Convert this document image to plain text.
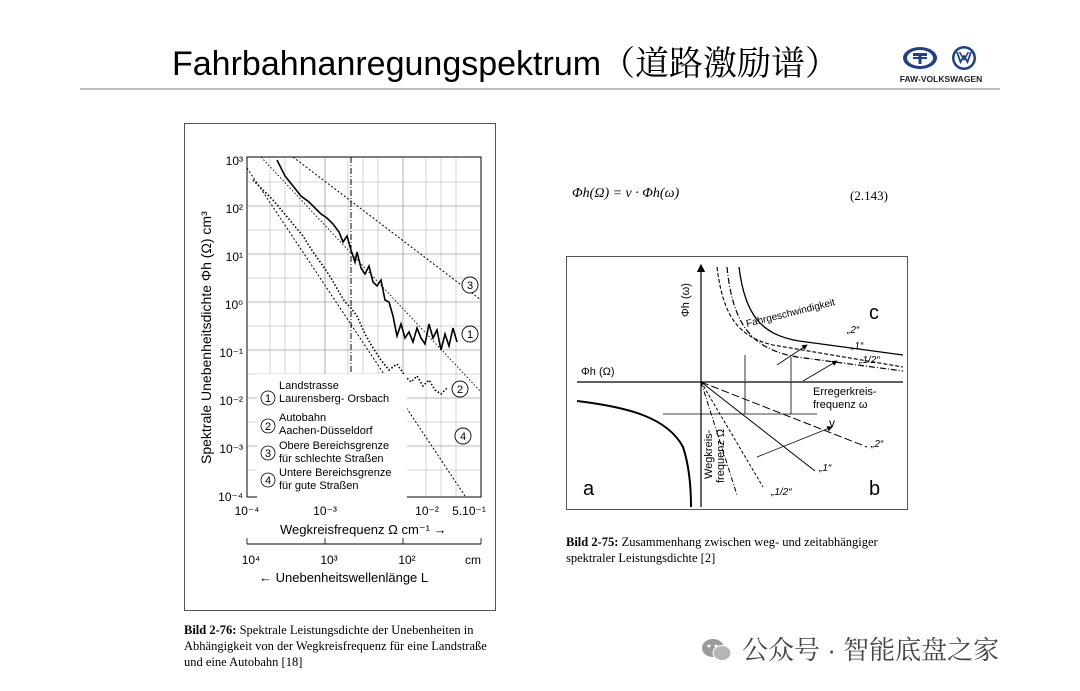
Fahrbahnanregungspektrum（道路激励谱）	FAW-VOLKSWAGEN
3
1
2
4
10³
10²
10¹
10⁰
10⁻¹
10⁻²
10⁻³
10⁻⁴
Spektrale Unebenheitsdichte Φh (Ω) cm³
10⁻⁴	10⁻³	10⁻² 5.10⁻¹
Wegkreisfrequenz Ω cm⁻¹ →
10⁴	10³	10²	cm
← Unebenheitswellenlänge L
1
Landstrasse
Laurensberg- Orsbach
2
Autobahn
Aachen-Düsseldorf
3
Obere Bereichsgrenze
für schlechte Straßen
4
Untere Bereichsgrenze
für gute Straßen
Bild 2-76: Spektrale Leistungsdichte der Unebenheiten in Abhängigkeit von der Wegkreisfrequenz für eine Landstraße und eine Autobahn [18]
Φh(Ω) = v · Φh(ω)	(2.143)
Φh (ω)
Φh (Ω)
Fahrgeschwindigkeit c
a	b
„2“
„1“
„1/2“
Erregerkreis-
frequenz ω
v
„2“
„1“
„1/2“
Wegkreis- frequenz Ω
Bild 2-75: Zusammenhang zwischen weg- und zeitabhängiger spektraler Leistungsdichte [2]
公众号 · 智能底盘之家
